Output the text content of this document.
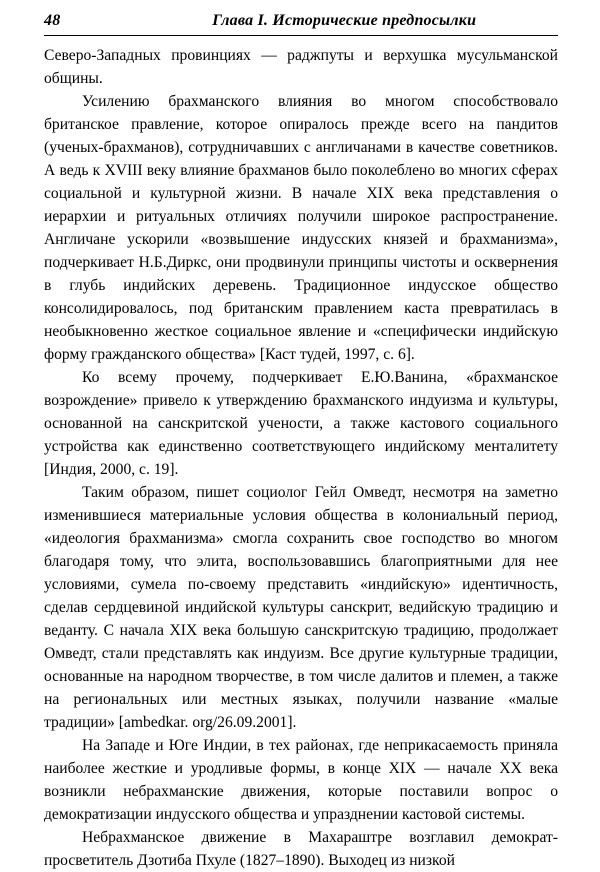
48	Глава I. Исторические предпосылки

Северо-Западных провинциях — раджпуты и верхушка мусульманской общины.

Усилению брахманского влияния во многом способствовало британское правление, которое опиралось прежде всего на пандитов (ученых-брахманов), сотрудничавших с англичанами в качестве советников. А ведь к XVIII веку влияние брахманов было поколеблено во многих сферах социальной и культурной жизни. В начале XIX века представления о иерархии и ритуальных отличиях получили широкое распространение. Англичане ускорили «возвышение индусских князей и брахманизма», подчеркивает Н.Б.Диркс, они продвинули принципы чистоты и осквернения в глубь индийских деревень. Традиционное индусское общество консолидировалось, под британским правлением каста превратилась в необыкновенно жесткое социальное явление и «специфически индийскую форму гражданского общества» [Каст тудей, 1997, с. 6].

Ко всему прочему, подчеркивает Е.Ю.Ванина, «брахманское возрождение» привело к утверждению брахманского индуизма и культуры, основанной на санскритской учености, а также кастового социального устройства как единственно соответствующего индийскому менталитету [Индия, 2000, с. 19].

Таким образом, пишет социолог Гейл Омведт, несмотря на заметно изменившиеся материальные условия общества в колониальный период, «идеология брахманизма» смогла сохранить свое господство во многом благодаря тому, что элита, воспользовавшись благоприятными для нее условиями, сумела по-своему представить «индийскую» идентичность, сделав сердцевиной индийской культуры санскрит, ведийскую традицию и веданту. С начала XIX века большую санскритскую традицию, продолжает Омведт, стали представлять как индуизм. Все другие культурные традиции, основанные на народном творчестве, в том числе далитов и племен, а также на региональных или местных языках, получили название «малые традиции» [ambedkar. org/26.09.2001].

На Западе и Юге Индии, в тех районах, где неприкасаемость приняла наиболее жесткие и уродливые формы, в конце XIX — начале XX века возникли небрахманские движения, которые поставили вопрос о демократизации индусского общества и упразднении кастовой системы.

Небрахманское движение в Махараштре возглавил демократ-просветитель Дзотиба Пхуле (1827–1890). Выходец из низкой
